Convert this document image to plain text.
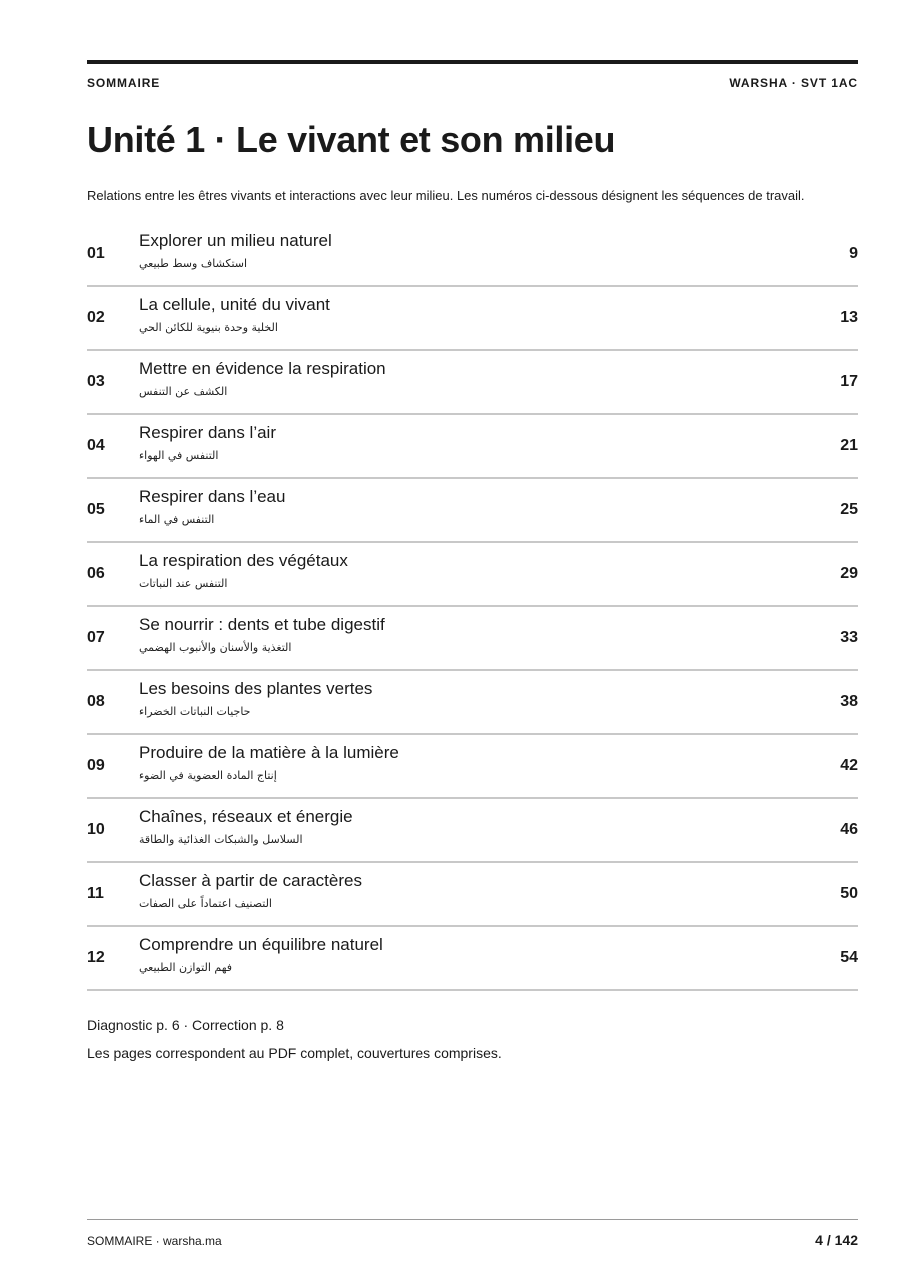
SOMMAIRE	WARSHA · SVT 1AC
Unité 1 · Le vivant et son milieu
Relations entre les êtres vivants et interactions avec leur milieu. Les numéros ci-dessous désignent les séquences de travail.
01
Explorer un milieu naturel
استكشاف وسط طبيعي
9
02
La cellule, unité du vivant
الخلية وحدة بنيوية للكائن الحي
13
03
Mettre en évidence la respiration
الكشف عن التنفس
17
04
Respirer dans l’air
التنفس في الهواء
21
05
Respirer dans l’eau
التنفس في الماء
25
06
La respiration des végétaux
التنفس عند النباتات
29
07
Se nourrir : dents et tube digestif
التغذية والأسنان والأنبوب الهضمي
33
08
Les besoins des plantes vertes
حاجيات النباتات الخضراء
38
09
Produire de la matière à la lumière
إنتاج المادة العضوية في الضوء
42
10
Chaînes, réseaux et énergie
السلاسل والشبكات الغذائية والطاقة
46
11
Classer à partir de caractères
التصنيف اعتماداً على الصفات
50
12
Comprendre un équilibre naturel
فهم التوازن الطبيعي
54
Diagnostic p. 6 · Correction p. 8
Les pages correspondent au PDF complet, couvertures comprises.
SOMMAIRE · warsha.ma	4 / 142
